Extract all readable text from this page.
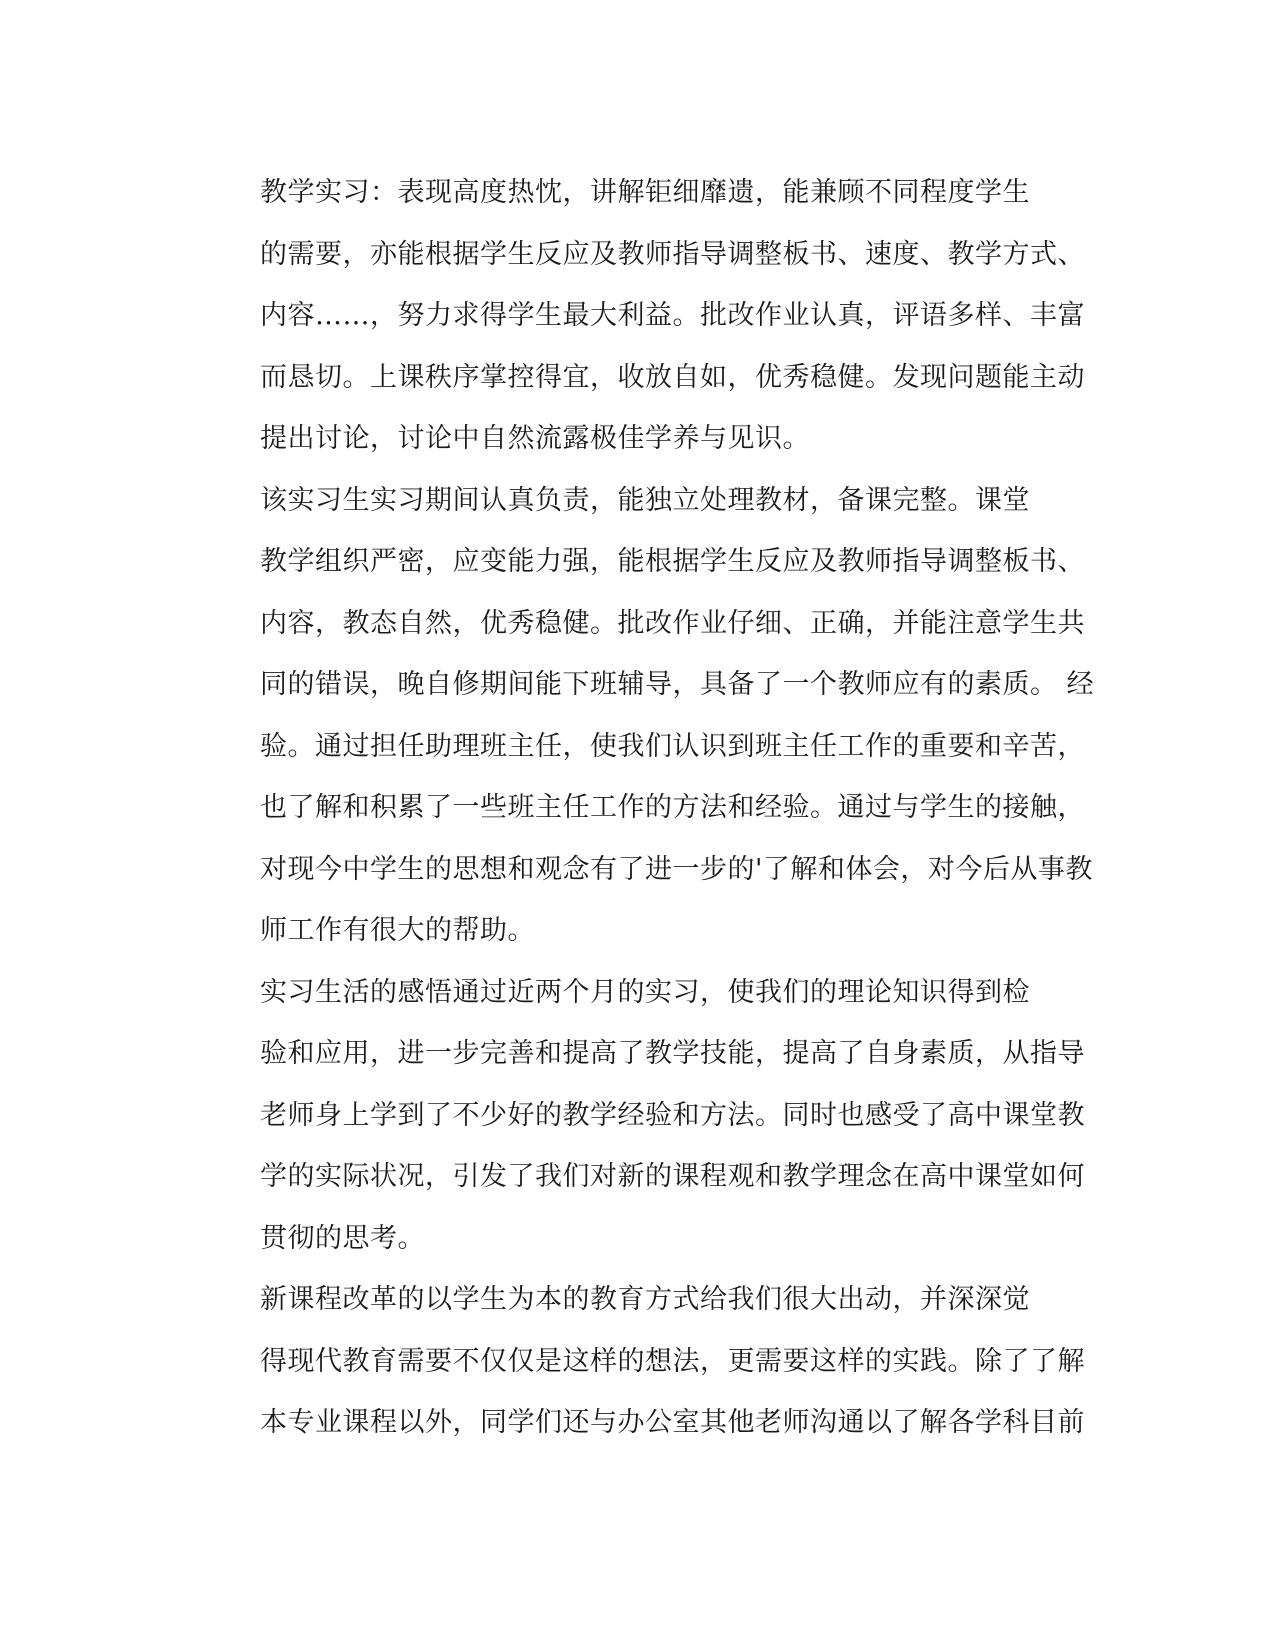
教学实习：表现高度热忱，讲解钜细靡遗，能兼顾不同程度学生
的需要，亦能根据学生反应及教师指导调整板书、速度、教学方式、
内容……，努力求得学生最大利益。批改作业认真，评语多样、丰富
而恳切。上课秩序掌控得宜，收放自如，优秀稳健。发现问题能主动
提出讨论，讨论中自然流露极佳学养与见识。

该实习生实习期间认真负责，能独立处理教材，备课完整。课堂
教学组织严密，应变能力强，能根据学生反应及教师指导调整板书、
内容，教态自然，优秀稳健。批改作业仔细、正确，并能注意学生共
同的错误，晚自修期间能下班辅导，具备了一个教师应有的素质。 经
验。通过担任助理班主任，使我们认识到班主任工作的重要和辛苦，
也了解和积累了一些班主任工作的方法和经验。通过与学生的接触，
对现今中学生的思想和观念有了进一步的'了解和体会，对今后从事教
师工作有很大的帮助。

实习生活的感悟通过近两个月的实习，使我们的理论知识得到检
验和应用，进一步完善和提高了教学技能，提高了自身素质，从指导
老师身上学到了不少好的教学经验和方法。同时也感受了高中课堂教
学的实际状况，引发了我们对新的课程观和教学理念在高中课堂如何
贯彻的思考。

新课程改革的以学生为本的教育方式给我们很大出动，并深深觉
得现代教育需要不仅仅是这样的想法，更需要这样的实践。除了了解
本专业课程以外，同学们还与办公室其他老师沟通以了解各学科目前
